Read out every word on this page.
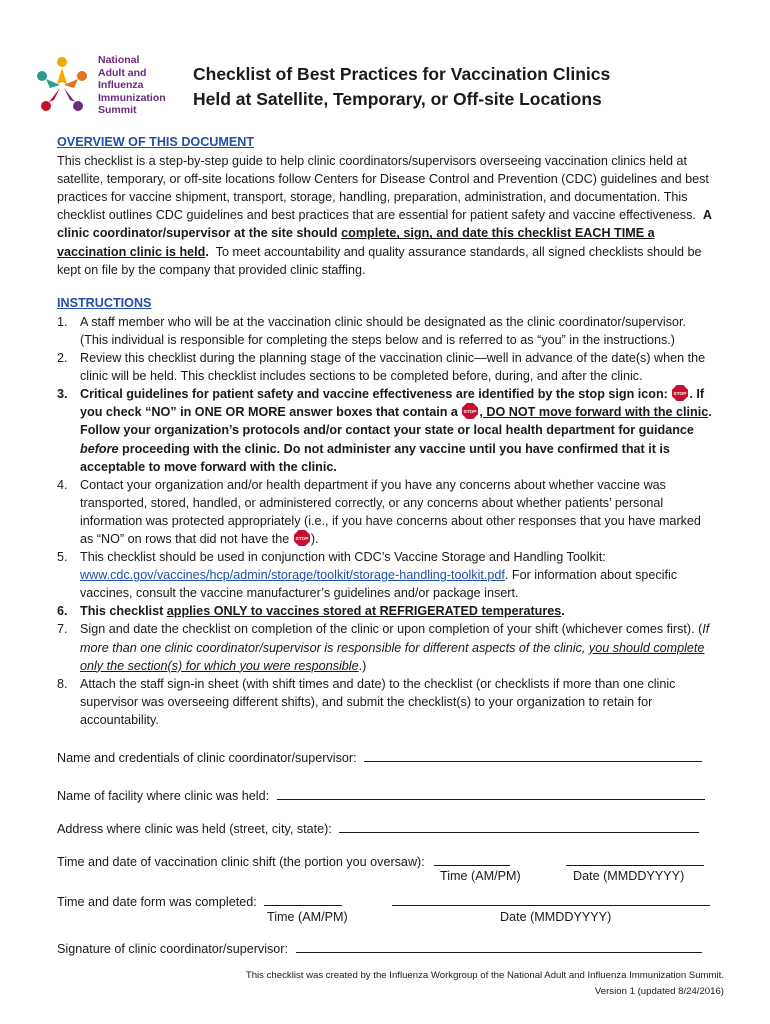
National
Adult and
Influenza
Immunization
Summit
Checklist of Best Practices for Vaccination Clinics
Held at Satellite, Temporary, or Off-site Locations

OVERVIEW OF THIS DOCUMENT

This checklist is a step-by-step guide to help clinic coordinators/supervisors overseeing vaccination clinics held at satellite, temporary, or off-site locations follow Centers for Disease Control and Prevention (CDC) guidelines and best practices for vaccine shipment, transport, storage, handling, preparation, administration, and documentation. This checklist outlines CDC guidelines and best practices that are essential for patient safety and vaccine effectiveness. A clinic coordinator/supervisor at the site should complete, sign, and date this checklist EACH TIME a vaccination clinic is held. To meet accountability and quality assurance standards, all signed checklists should be kept on file by the company that provided clinic staffing.

INSTRUCTIONS

1. A staff member who will be at the vaccination clinic should be designated as the clinic coordinator/supervisor. (This individual is responsible for completing the steps below and is referred to as “you” in the instructions.)
2. Review this checklist during the planning stage of the vaccination clinic—well in advance of the date(s) when the clinic will be held. This checklist includes sections to be completed before, during, and after the clinic.
3. Critical guidelines for patient safety and vaccine effectiveness are identified by the stop sign icon: STOP . If you check “NO” in ONE OR MORE answer boxes that contain a STOP , DO NOT move forward with the clinic. Follow your organization’s protocols and/or contact your state or local health department for guidance before proceeding with the clinic. Do not administer any vaccine until you have confirmed that it is acceptable to move forward with the clinic.
4. Contact your organization and/or health department if you have any concerns about whether vaccine was transported, stored, handled, or administered correctly, or any concerns about whether patients’ personal information was protected appropriately (i.e., if you have concerns about other responses that you have marked as “NO” on rows that did not have the STOP ).
5. This checklist should be used in conjunction with CDC’s Vaccine Storage and Handling Toolkit: www.cdc.gov/vaccines/hcp/admin/storage/toolkit/storage-handling-toolkit.pdf. For information about specific vaccines, consult the vaccine manufacturer’s guidelines and/or package insert.
6. This checklist applies ONLY to vaccines stored at REFRIGERATED temperatures.
7. Sign and date the checklist on completion of the clinic or upon completion of your shift (whichever comes first). (If more than one clinic coordinator/supervisor is responsible for different aspects of the clinic, you should complete only the section(s) for which you were responsible.)
8. Attach the staff sign-in sheet (with shift times and date) to the checklist (or checklists if more than one clinic supervisor was overseeing different shifts), and submit the checklist(s) to your organization to retain for accountability.
Name and credentials of clinic coordinator/supervisor:
Name of facility where clinic was held:
Address where clinic was held (street, city, state):
Time and date of vaccination clinic shift (the portion you oversaw):
Time (AM/PM)	Date (MMDDYYYY)
Time and date form was completed:
Time (AM/PM)	Date (MMDDYYYY)
Signature of clinic coordinator/supervisor:
This checklist was created by the Influenza Workgroup of the National Adult and Influenza Immunization Summit.
Version 1 (updated 8/24/2016)
